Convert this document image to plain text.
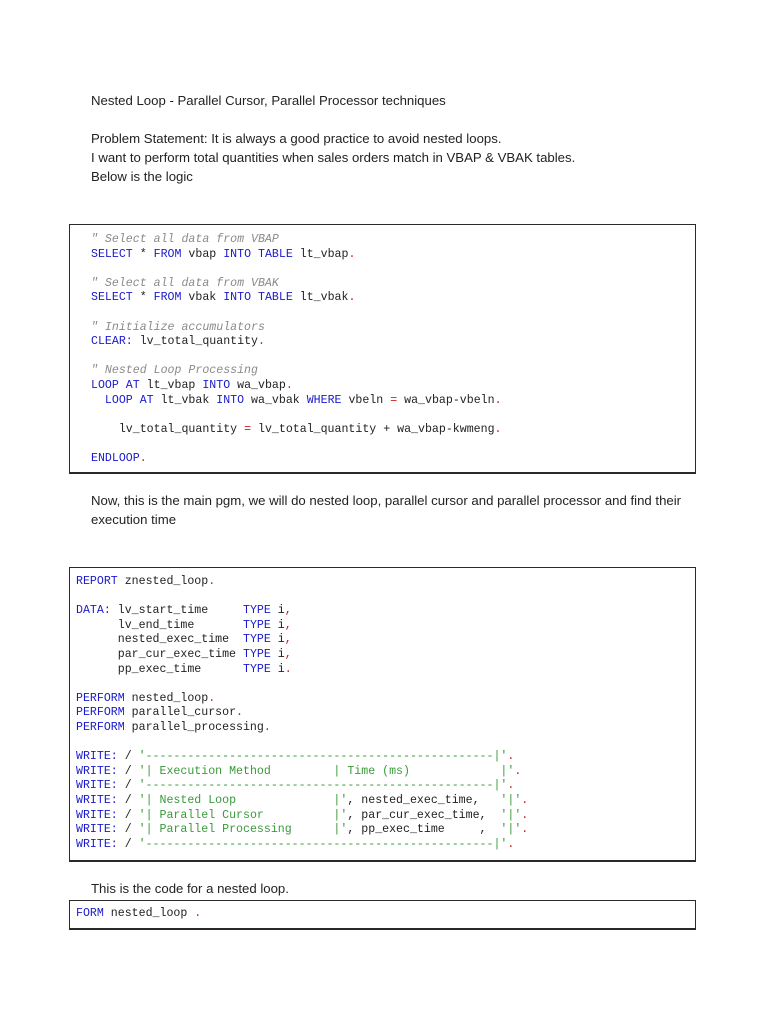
Nested Loop - Parallel Cursor, Parallel Processor techniques

Problem Statement: It is always a good practice to avoid nested loops.

I want to perform total quantities when sales orders match in VBAP & VBAK tables.

Below is the logic

" Select all data from VBAP
SELECT * FROM vbap INTO TABLE lt_vbap.

" Select all data from VBAK
SELECT * FROM vbak INTO TABLE lt_vbak.

" Initialize accumulators
CLEAR: lv_total_quantity.

" Nested Loop Processing
LOOP AT lt_vbap INTO wa_vbap.
LOOP AT lt_vbak INTO wa_vbak WHERE vbeln = wa_vbap-vbeln.

lv_total_quantity = lv_total_quantity + wa_vbap-kwmeng.

ENDLOOP.

Now, this is the main pgm, we will do nested loop, parallel cursor and parallel processor and find their execution time

REPORT znested_loop.

DATA: lv_start_time     TYPE i,
lv_end_time       TYPE i,
nested_exec_time  TYPE i,
par_cur_exec_time TYPE i,
pp_exec_time      TYPE i.

PERFORM nested_loop.
PERFORM parallel_cursor.
PERFORM parallel_processing.

WRITE: / '--------------------------------------------------|'.
WRITE: / '| Execution Method         | Time (ms)             |'.
WRITE: / '--------------------------------------------------|'.
WRITE: / '| Nested Loop              |', nested_exec_time,   '|'.
WRITE: / '| Parallel Cursor          |', par_cur_exec_time,  '|'.
WRITE: / '| Parallel Processing      |', pp_exec_time     ,  '|'.
WRITE: / '--------------------------------------------------|'.

This is the code for a nested loop.

FORM nested_loop .
